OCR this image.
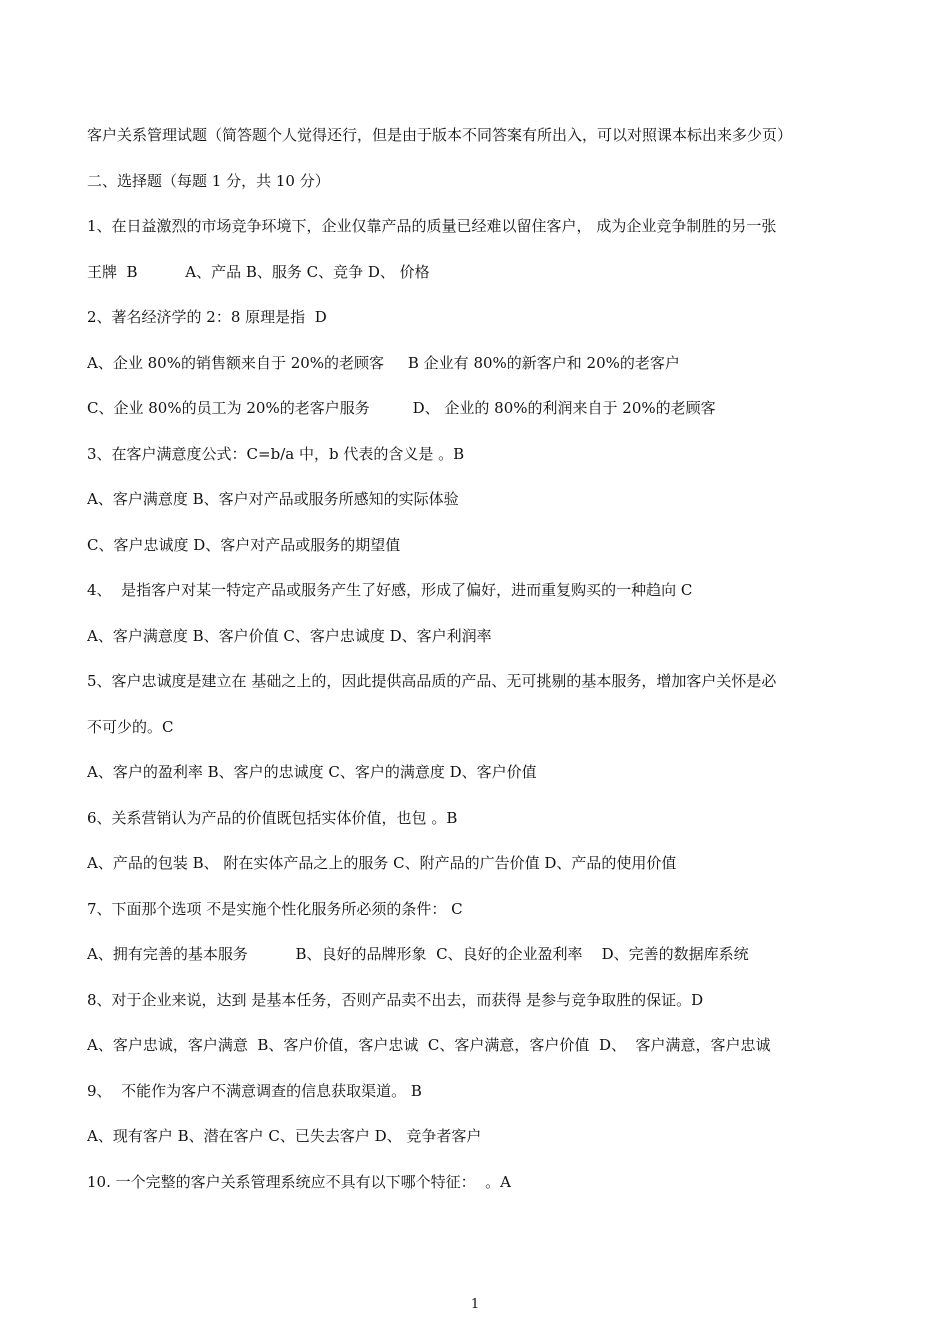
客户关系管理试题（简答题个人觉得还行，但是由于版本不同答案有所出入，可以对照课本标出来多少页）
二、选择题（每题 1 分，共 10 分）
1、在日益激烈的市场竞争环境下，企业仅靠产品的质量已经难以留住客户， 成为企业竞争制胜的另一张
王牌  B          A、产品 B、服务 C、竞争 D、 价格
2、著名经济学的 2：8 原理是指  D
A、企业 80%的销售额来自于 20%的老顾客     B 企业有 80%的新客户和 20%的老客户
C、企业 80%的员工为 20%的老客户服务         D、 企业的 80%的利润来自于 20%的老顾客
3、在客户满意度公式：C=b/a 中，b 代表的含义是 。B
A、客户满意度 B、客户对产品或服务所感知的实际体验
C、客户忠诚度 D、客户对产品或服务的期望值
4、  是指客户对某一特定产品或服务产生了好感，形成了偏好，进而重复购买的一种趋向 C
A、客户满意度 B、客户价值 C、客户忠诚度 D、客户利润率
5、客户忠诚度是建立在 基础之上的，因此提供高品质的产品、无可挑剔的基本服务，增加客户关怀是必
不可少的。C
A、客户的盈利率 B、客户的忠诚度 C、客户的满意度 D、客户价值
6、关系营销认为产品的价值既包括实体价值，也包 。B
A、产品的包装 B、 附在实体产品之上的服务 C、附产品的广告价值 D、产品的使用价值
7、下面那个选项 不是实施个性化服务所必须的条件： C
A、拥有完善的基本服务          B、良好的品牌形象  C、良好的企业盈利率    D、完善的数据库系统
8、对于企业来说，达到 是基本任务，否则产品卖不出去，而获得 是参与竞争取胜的保证。D
A、客户忠诚，客户满意  B、客户价值，客户忠诚  C、客户满意，客户价值  D、  客户满意，客户忠诚
9、  不能作为客户不满意调查的信息获取渠道。 B
A、现有客户 B、潜在客户 C、已失去客户 D、 竞争者客户
10. 一个完整的客户关系管理系统应不具有以下哪个特征：  。A
1
